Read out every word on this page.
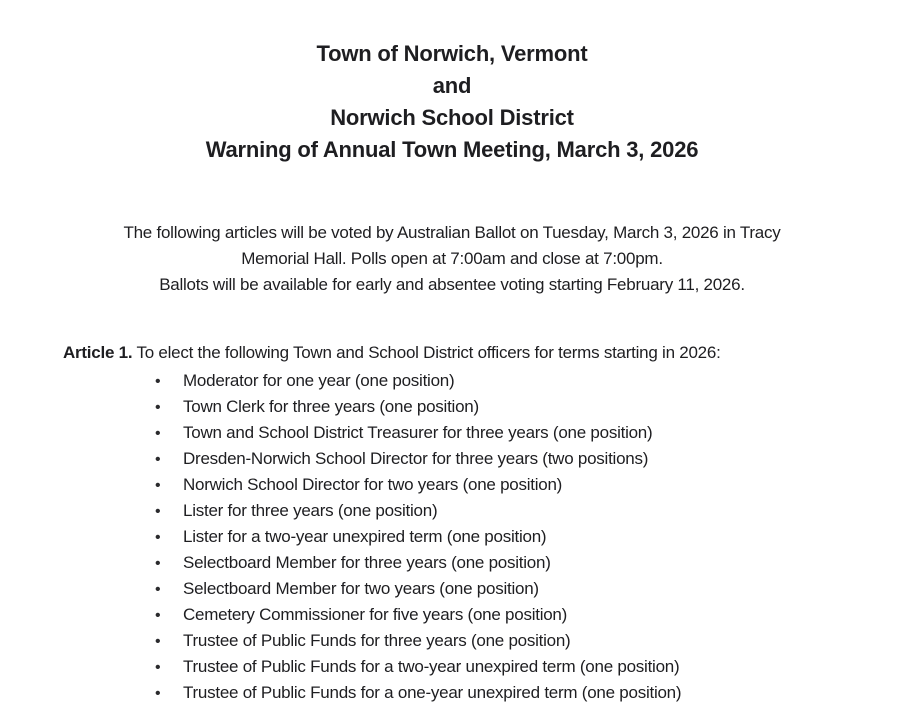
Town of Norwich, Vermont
and
Norwich School District
Warning of Annual Town Meeting, March 3, 2026

The following articles will be voted by Australian Ballot on Tuesday, March 3, 2026 in Tracy
Memorial Hall. Polls open at 7:00am and close at 7:00pm.
Ballots will be available for early and absentee voting starting February 11, 2026.

Article 1. To elect the following Town and School District officers for terms starting in 2026:

•	Moderator for one year (one position)
•	Town Clerk for three years (one position)
•	Town and School District Treasurer for three years (one position)
•	Dresden-Norwich School Director for three years (two positions)
•	Norwich School Director for two years (one position)
•	Lister for three years (one position)
•	Lister for a two-year unexpired term (one position)
•	Selectboard Member for three years (one position)
•	Selectboard Member for two years (one position)
•	Cemetery Commissioner for five years (one position)
•	Trustee of Public Funds for three years (one position)
•	Trustee of Public Funds for a two-year unexpired term (one position)
•	Trustee of Public Funds for a one-year unexpired term (one position)
